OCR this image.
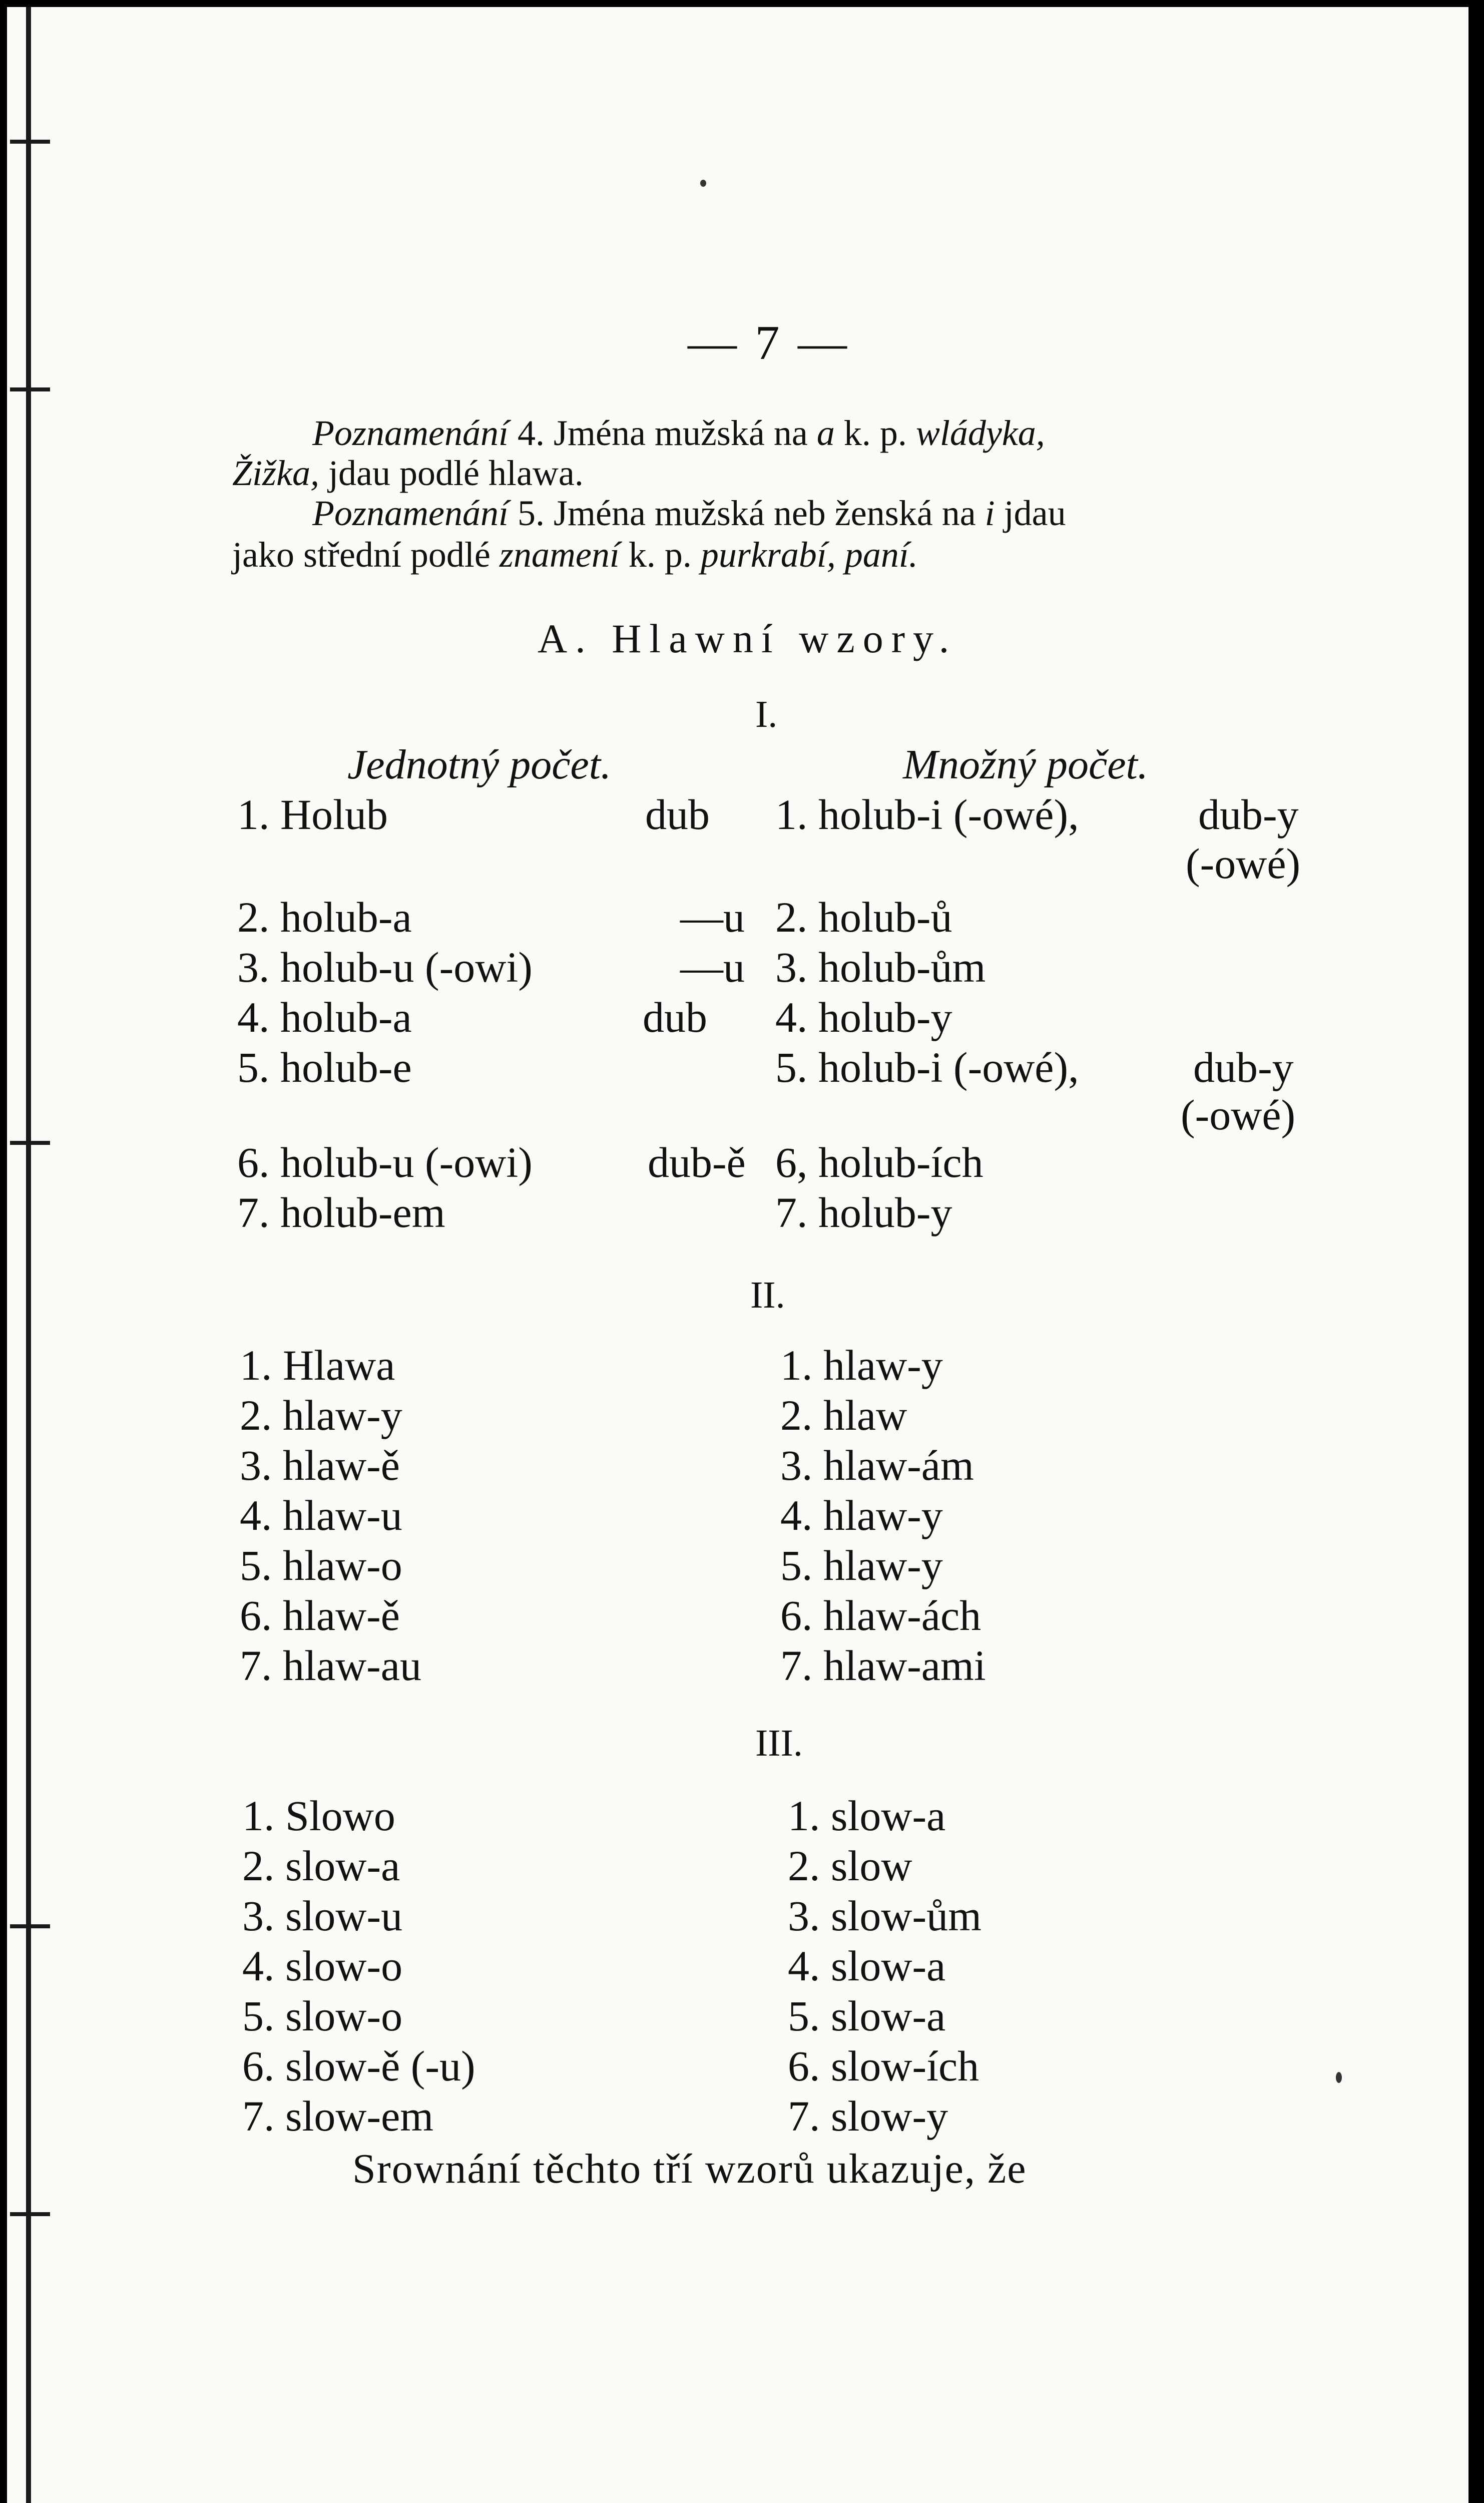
— 7 —
Poznamenání 4. Jména mužská na a k. p. wládyka,
Žižka, jdau podlé hlawa.
Poznamenání 5. Jména mužská neb ženská na i jdau
jako střední podlé znamení k. p. purkrabí, paní.
A. Hlawní wzory.
I.
Jednotný počet.	Množný počet.
1. Holub	dub 1. holub-i (-owé),	dub-y
(-owé)
2. holub-a	—u 2. holub-ů
3. holub-u (-owi)	—u 3. holub-ům
4. holub-a	dub 4. holub-y
5. holub-e	5. holub-i (-owé),	dub-y
(-owé)
6. holub-u (-owi)	dub-ě 6, holub-ích
7. holub-em	7. holub-y
II.
1. Hlawa	1. hlaw-y
2. hlaw-y	2. hlaw
3. hlaw-ě	3. hlaw-ám
4. hlaw-u	4. hlaw-y
5. hlaw-o	5. hlaw-y
6. hlaw-ě	6. hlaw-ách
7. hlaw-au	7. hlaw-ami
III.
1. Slowo	1. slow-a
2. slow-a	2. slow
3. slow-u	3. slow-ům
4. slow-o	4. slow-a
5. slow-o	5. slow-a
6. slow-ě (-u)	6. slow-ích
7. slow-em	7. slow-y
Srownání těchto tří wzorů ukazuje, že
